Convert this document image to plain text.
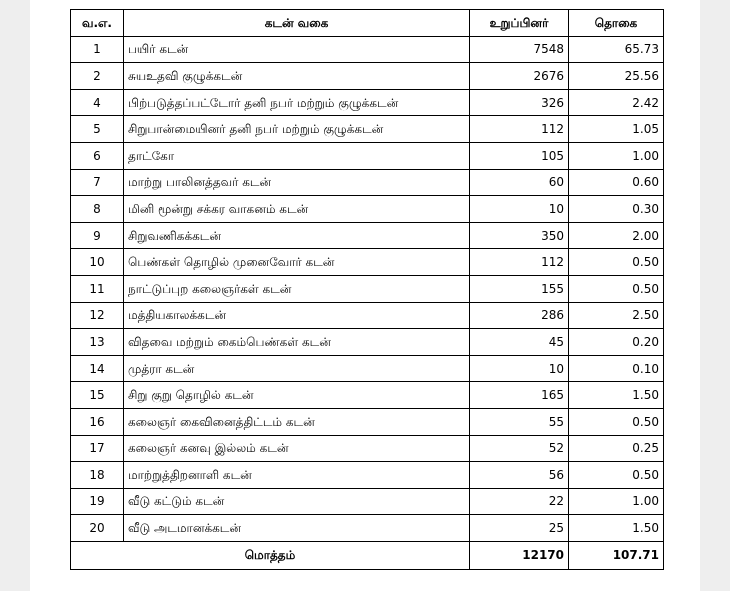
வ.எ.	கடன் வகை	உறுப்பினர்	தொகை
1	பயிர் கடன்	7548	65.73
2	சுயஉதவி குழுக்கடன்	2676	25.56
4	பிற்படுத்தப்பட்டோர் தனி நபர் மற்றும் குழுக்கடன்	326	2.42
5	சிறுபான்மையினர் தனி நபர் மற்றும் குழுக்கடன்	112	1.05
6	தாட்கோ	105	1.00
7	மாற்று பாலினத்தவர் கடன்	60	0.60
8	மினி மூன்று சக்கர வாகனம் கடன்	10	0.30
9	சிறுவணிகக்கடன்	350	2.00
10	பெண்கள் தொழில் முனைவோர் கடன்	112	0.50
11	நாட்டுப்புற கலைஞர்கள் கடன்	155	0.50
12	மத்தியகாலக்கடன்	286	2.50
13	விதவை மற்றும் கைம்பெண்கள் கடன்	45	0.20
14	முத்ரா கடன்	10	0.10
15	சிறு குறு தொழில் கடன்	165	1.50
16	கலைஞர் கைவினைத்திட்டம் கடன்	55	0.50
17	கலைஞர் கனவு இல்லம் கடன்	52	0.25
18	மாற்றுத்திறனாளி கடன்	56	0.50
19	வீடு கட்டும் கடன்	22	1.00
20	வீடு அடமானக்கடன்	25	1.50
மொத்தம்		12170	107.71
